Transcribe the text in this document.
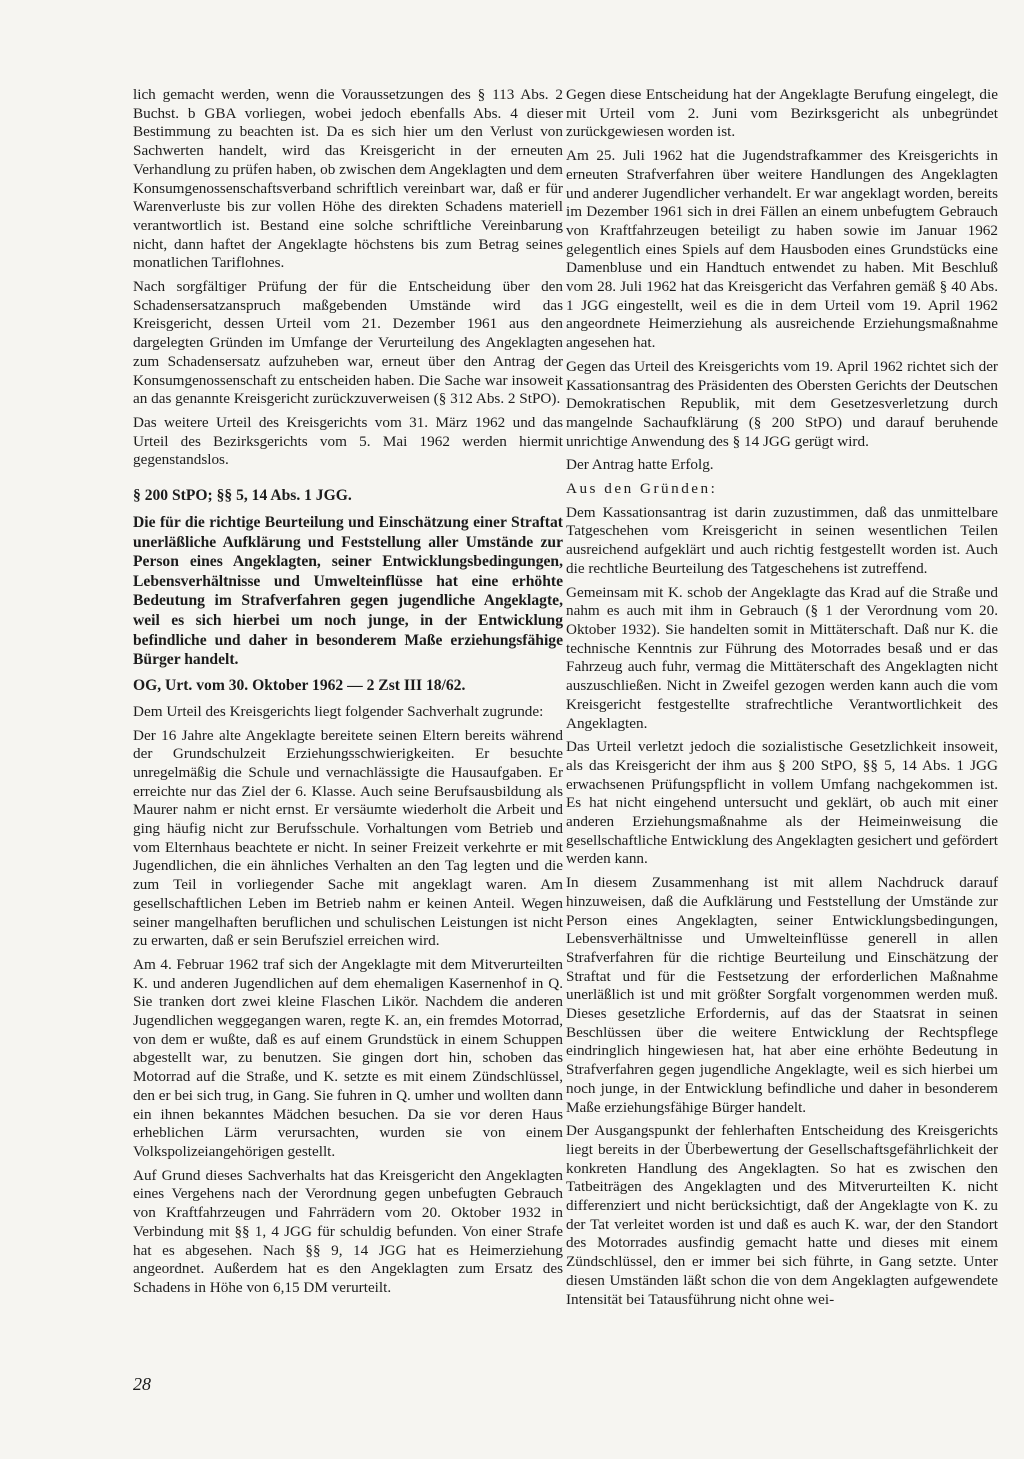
lich gemacht werden, wenn die Voraussetzungen des § 113 Abs. 2 Buchst. b GBA vorliegen, wobei jedoch ebenfalls Abs. 4 dieser Bestimmung zu beachten ist. Da es sich hier um den Verlust von Sachwerten handelt, wird das Kreisgericht in der erneuten Verhandlung zu prüfen haben, ob zwischen dem Angeklagten und dem Konsumgenossenschaftsverband schriftlich vereinbart war, daß er für Warenverluste bis zur vollen Höhe des direkten Schadens materiell verantwortlich ist. Bestand eine solche schriftliche Vereinbarung nicht, dann haftet der Angeklagte höchstens bis zum Betrag seines monatlichen Tariflohnes.

Nach sorgfältiger Prüfung der für die Entscheidung über den Schadensersatzanspruch maßgebenden Umstände wird das Kreisgericht, dessen Urteil vom 21. Dezember 1961 aus den dargelegten Gründen im Umfange der Verurteilung des Angeklagten zum Schadensersatz aufzuheben war, erneut über den Antrag der Konsumgenossenschaft zu entscheiden haben. Die Sache war insoweit an das genannte Kreisgericht zurückzuverweisen (§ 312 Abs. 2 StPO).

Das weitere Urteil des Kreisgerichts vom 31. März 1962 und das Urteil des Bezirksgerichts vom 5. Mai 1962 werden hiermit gegenstandslos.

§ 200 StPO; §§ 5, 14 Abs. 1 JGG.

Die für die richtige Beurteilung und Einschätzung einer Straftat unerläßliche Aufklärung und Feststellung aller Umstände zur Person eines Angeklagten, seiner Entwicklungsbedingungen, Lebensverhältnisse und Umwelteinflüsse hat eine erhöhte Bedeutung im Strafverfahren gegen jugendliche Angeklagte, weil es sich hierbei um noch junge, in der Entwicklung befindliche und daher in besonderem Maße erziehungsfähige Bürger handelt.

OG, Urt. vom 30. Oktober 1962 — 2 Zst III 18/62.

Dem Urteil des Kreisgerichts liegt folgender Sachverhalt zugrunde:

Der 16 Jahre alte Angeklagte bereitete seinen Eltern bereits während der Grundschulzeit Erziehungsschwierigkeiten. Er besuchte unregelmäßig die Schule und vernachlässigte die Hausaufgaben. Er erreichte nur das Ziel der 6. Klasse. Auch seine Berufsausbildung als Maurer nahm er nicht ernst. Er versäumte wiederholt die Arbeit und ging häufig nicht zur Berufsschule. Vorhaltungen vom Betrieb und vom Elternhaus beachtete er nicht. In seiner Freizeit verkehrte er mit Jugendlichen, die ein ähnliches Verhalten an den Tag legten und die zum Teil in vorliegender Sache mit angeklagt waren. Am gesellschaftlichen Leben im Betrieb nahm er keinen Anteil. Wegen seiner mangelhaften beruflichen und schulischen Leistungen ist nicht zu erwarten, daß er sein Berufsziel erreichen wird.

Am 4. Februar 1962 traf sich der Angeklagte mit dem Mitverurteilten K. und anderen Jugendlichen auf dem ehemaligen Kasernenhof in Q. Sie tranken dort zwei kleine Flaschen Likör. Nachdem die anderen Jugendlichen weggegangen waren, regte K. an, ein fremdes Motorrad, von dem er wußte, daß es auf einem Grundstück in einem Schuppen abgestellt war, zu benutzen. Sie gingen dort hin, schoben das Motorrad auf die Straße, und K. setzte es mit einem Zündschlüssel, den er bei sich trug, in Gang. Sie fuhren in Q. umher und wollten dann ein ihnen bekanntes Mädchen besuchen. Da sie vor deren Haus erheblichen Lärm verursachten, wurden sie von einem Volkspolizeiangehörigen gestellt.

Auf Grund dieses Sachverhalts hat das Kreisgericht den Angeklagten eines Vergehens nach der Verordnung gegen unbefugten Gebrauch von Kraftfahrzeugen und Fahrrädern vom 20. Oktober 1932 in Verbindung mit §§ 1, 4 JGG für schuldig befunden. Von einer Strafe hat es abgesehen. Nach §§ 9, 14 JGG hat es Heimerziehung angeordnet. Außerdem hat es den Angeklagten zum Ersatz des Schadens in Höhe von 6,15 DM verurteilt.

Gegen diese Entscheidung hat der Angeklagte Berufung eingelegt, die mit Urteil vom 2. Juni vom Bezirksgericht als unbegründet zurückgewiesen worden ist.

Am 25. Juli 1962 hat die Jugendstrafkammer des Kreisgerichts in erneuten Strafverfahren über weitere Handlungen des Angeklagten und anderer Jugendlicher verhandelt. Er war angeklagt worden, bereits im Dezember 1961 sich in drei Fällen an einem unbefugtem Gebrauch von Kraftfahrzeugen beteiligt zu haben sowie im Januar 1962 gelegentlich eines Spiels auf dem Hausboden eines Grundstücks eine Damenbluse und ein Handtuch entwendet zu haben. Mit Beschluß vom 28. Juli 1962 hat das Kreisgericht das Verfahren gemäß § 40 Abs. 1 JGG eingestellt, weil es die in dem Urteil vom 19. April 1962 angeordnete Heimerziehung als ausreichende Erziehungsmaßnahme angesehen hat.

Gegen das Urteil des Kreisgerichts vom 19. April 1962 richtet sich der Kassationsantrag des Präsidenten des Obersten Gerichts der Deutschen Demokratischen Republik, mit dem Gesetzesverletzung durch mangelnde Sachaufklärung (§ 200 StPO) und darauf beruhende unrichtige Anwendung des § 14 JGG gerügt wird.

Der Antrag hatte Erfolg.

Aus den Gründen:

Dem Kassationsantrag ist darin zuzustimmen, daß das unmittelbare Tatgeschehen vom Kreisgericht in seinen wesentlichen Teilen ausreichend aufgeklärt und auch richtig festgestellt worden ist. Auch die rechtliche Beurteilung des Tatgeschehens ist zutreffend.

Gemeinsam mit K. schob der Angeklagte das Krad auf die Straße und nahm es auch mit ihm in Gebrauch (§ 1 der Verordnung vom 20. Oktober 1932). Sie handelten somit in Mittäterschaft. Daß nur K. die technische Kenntnis zur Führung des Motorrades besaß und er das Fahrzeug auch fuhr, vermag die Mittäterschaft des Angeklagten nicht auszuschließen. Nicht in Zweifel gezogen werden kann auch die vom Kreisgericht festgestellte strafrechtliche Verantwortlichkeit des Angeklagten.

Das Urteil verletzt jedoch die sozialistische Gesetzlichkeit insoweit, als das Kreisgericht der ihm aus § 200 StPO, §§ 5, 14 Abs. 1 JGG erwachsenen Prüfungspflicht in vollem Umfang nachgekommen ist. Es hat nicht eingehend untersucht und geklärt, ob auch mit einer anderen Erziehungsmaßnahme als der Heimeinweisung die gesellschaftliche Entwicklung des Angeklagten gesichert und gefördert werden kann.

In diesem Zusammenhang ist mit allem Nachdruck darauf hinzuweisen, daß die Aufklärung und Feststellung der Umstände zur Person eines Angeklagten, seiner Entwicklungsbedingungen, Lebensverhältnisse und Umwelteinflüsse generell in allen Strafverfahren für die richtige Beurteilung und Einschätzung der Straftat und für die Festsetzung der erforderlichen Maßnahme unerläßlich ist und mit größter Sorgfalt vorgenommen werden muß. Dieses gesetzliche Erfordernis, auf das der Staatsrat in seinen Beschlüssen über die weitere Entwicklung der Rechtspflege eindringlich hingewiesen hat, hat aber eine erhöhte Bedeutung in Strafverfahren gegen jugendliche Angeklagte, weil es sich hierbei um noch junge, in der Entwicklung befindliche und daher in besonderem Maße erziehungsfähige Bürger handelt.

Der Ausgangspunkt der fehlerhaften Entscheidung des Kreisgerichts liegt bereits in der Überbewertung der Gesellschaftsgefährlichkeit der konkreten Handlung des Angeklagten. So hat es zwischen den Tatbeiträgen des Angeklagten und des Mitverurteilten K. nicht differenziert und nicht berücksichtigt, daß der Angeklagte von K. zu der Tat verleitet worden ist und daß es auch K. war, der den Standort des Motorrades ausfindig gemacht hatte und dieses mit einem Zündschlüssel, den er immer bei sich führte, in Gang setzte. Unter diesen Umständen läßt schon die von dem Angeklagten aufgewendete Intensität bei Tatausführung nicht ohne wei-

28
